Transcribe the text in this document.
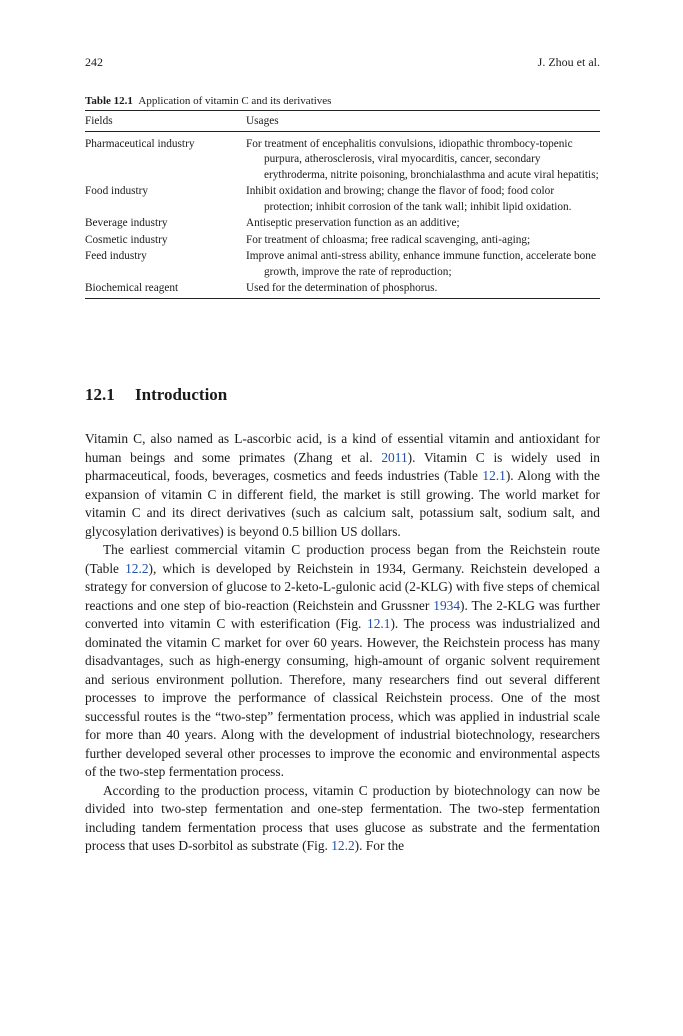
242	J. Zhou et al.
Table 12.1 Application of vitamin C and its derivatives
Fields	Usages
Pharmaceutical industry	For treatment of encephalitis convulsions, idiopathic thrombocy-topenic purpura, atherosclerosis, viral myocarditis, cancer, secondary erythroderma, nitrite poisoning, bronchialasthma and acute viral hepatitis;
Food industry	Inhibit oxidation and browing; change the flavor of food; food color protection; inhibit corrosion of the tank wall; inhibit lipid oxidation.
Beverage industry	Antiseptic preservation function as an additive;
Cosmetic industry	For treatment of chloasma; free radical scavenging, anti-aging;
Feed industry	Improve animal anti-stress ability, enhance immune function, accelerate bone growth, improve the rate of reproduction;
Biochemical reagent	Used for the determination of phosphorus.
12.1 Introduction

Vitamin C, also named as L-ascorbic acid, is a kind of essential vitamin and antioxidant for human beings and some primates (Zhang et al. 2011). Vitamin C is widely used in pharmaceutical, foods, beverages, cosmetics and feeds industries (Table 12.1). Along with the expansion of vitamin C in different field, the market is still growing. The world market for vitamin C and its direct derivatives (such as calcium salt, potassium salt, sodium salt, and glycosylation derivatives) is beyond 0.5 billion US dollars.

The earliest commercial vitamin C production process began from the Reichstein route (Table 12.2), which is developed by Reichstein in 1934, Germany. Reichstein developed a strategy for conversion of glucose to 2-keto-L-gulonic acid (2-KLG) with five steps of chemical reactions and one step of bio-reaction (Reichstein and Grussner 1934). The 2-KLG was further converted into vitamin C with esterification (Fig. 12.1). The process was industrialized and dominated the vitamin C market for over 60 years. However, the Reichstein process has many disadvantages, such as high-energy consuming, high-amount of organic solvent requirement and serious environment pollution. Therefore, many researchers find out several different processes to improve the performance of classical Reichstein process. One of the most successful routes is the “two-step” fermentation process, which was applied in industrial scale for more than 40 years. Along with the development of industrial biotechnology, researchers further developed several other processes to improve the economic and environmental aspects of the two-step fermentation process.

According to the production process, vitamin C production by biotechnology can now be divided into two-step fermentation and one-step fermentation. The two-step fermentation including tandem fermentation process that uses glucose as substrate and the fermentation process that uses D-sorbitol as substrate (Fig. 12.2). For the
